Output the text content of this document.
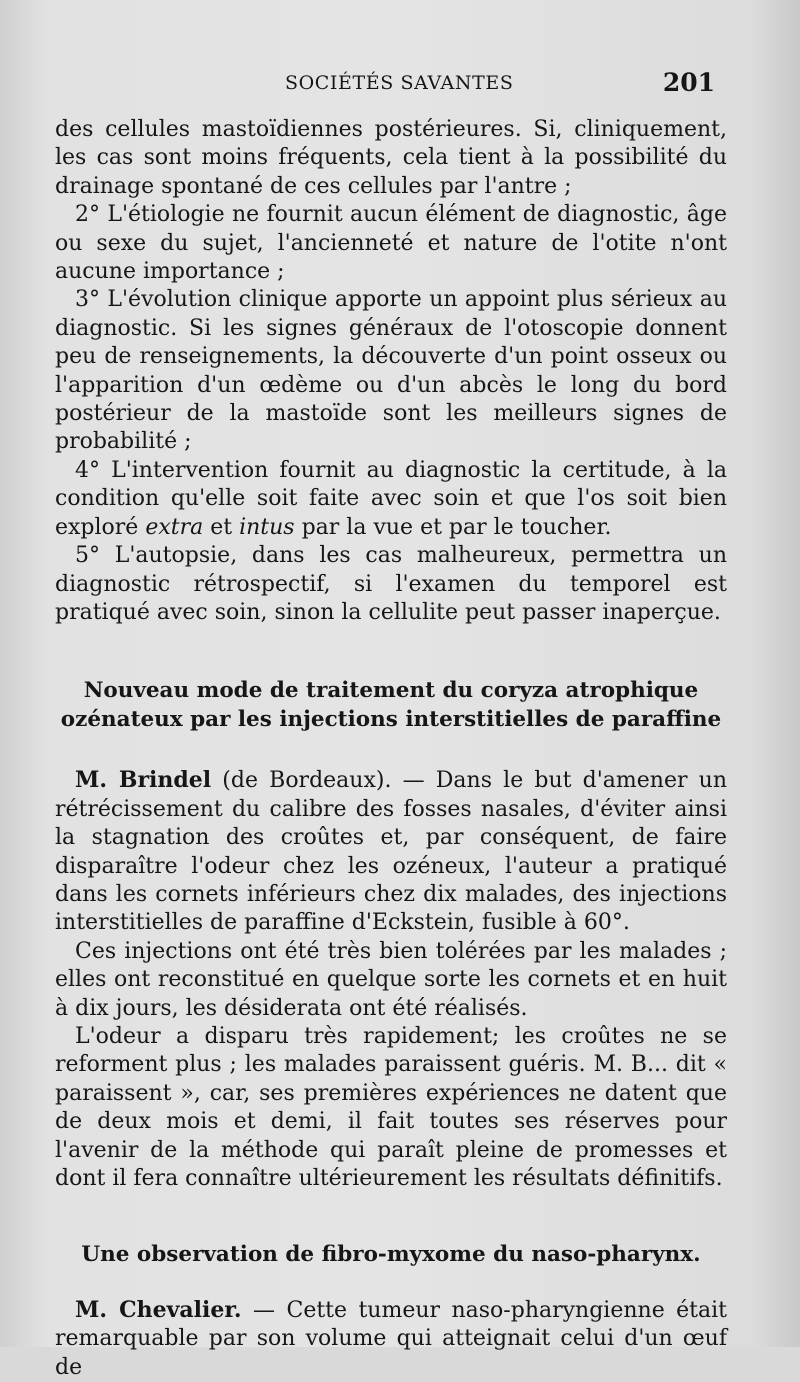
SOCIÉTÉS SAVANTES	201

des cellules mastoïdiennes postérieures. Si, cliniquement, les cas sont moins fréquents, cela tient à la possibilité du drainage spontané de ces cellules par l'antre ;

2° L'étiologie ne fournit aucun élément de diagnostic, âge ou sexe du sujet, l'ancienneté et nature de l'otite n'ont aucune importance ;

3° L'évolution clinique apporte un appoint plus sérieux au diagnostic. Si les signes généraux de l'otoscopie donnent peu de renseignements, la découverte d'un point osseux ou l'apparition d'un œdème ou d'un abcès le long du bord postérieur de la mastoïde sont les meilleurs signes de probabilité ;

4° L'intervention fournit au diagnostic la certitude, à la condition qu'elle soit faite avec soin et que l'os soit bien exploré extra et intus par la vue et par le toucher.

5° L'autopsie, dans les cas malheureux, permettra un diagnostic rétrospectif, si l'examen du temporel est pratiqué avec soin, sinon la cellulite peut passer inaperçue.

Nouveau mode de traitement du coryza atrophique ozénateux par les injections interstitielles de paraffine

M. Brindel (de Bordeaux). — Dans le but d'amener un rétrécissement du calibre des fosses nasales, d'éviter ainsi la stagnation des croûtes et, par conséquent, de faire disparaître l'odeur chez les ozéneux, l'auteur a pratiqué dans les cornets inférieurs chez dix malades, des injections interstitielles de paraffine d'Eckstein, fusible à 60°.

Ces injections ont été très bien tolérées par les malades ; elles ont reconstitué en quelque sorte les cornets et en huit à dix jours, les désiderata ont été réalisés.

L'odeur a disparu très rapidement; les croûtes ne se reforment plus ; les malades paraissent guéris. M. B... dit « paraissent », car, ses premières expériences ne datent que de deux mois et demi, il fait toutes ses réserves pour l'avenir de la méthode qui paraît pleine de promesses et dont il fera connaître ultérieurement les résultats définitifs.

Une observation de fibro-myxome du naso-pharynx.

M. Chevalier. — Cette tumeur naso-pharyngienne était remarquable par son volume qui atteignait celui d'un œuf de
